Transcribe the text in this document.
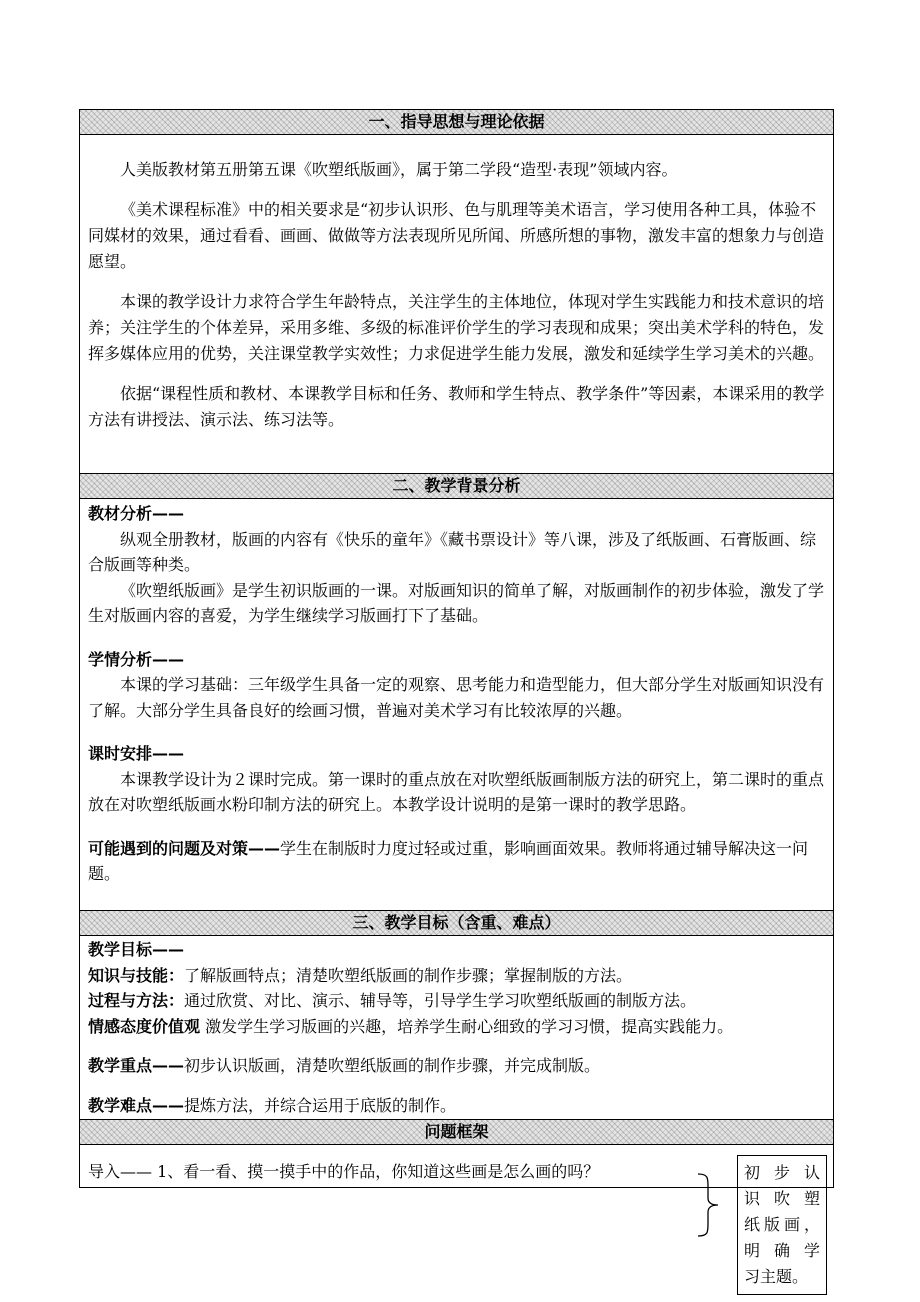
一、指导思想与理论依据

人美版教材第五册第五课《吹塑纸版画》，属于第二学段“造型·表现”领域内容。

《美术课程标准》中的相关要求是“初步认识形、色与肌理等美术语言，学习使用各种工具，体验不同媒材的效果，通过看看、画画、做做等方法表现所见所闻、所感所想的事物，激发丰富的想象力与创造愿望。

本课的教学设计力求符合学生年龄特点，关注学生的主体地位，体现对学生实践能力和技术意识的培养；关注学生的个体差异，采用多维、多级的标准评价学生的学习表现和成果；突出美术学科的特色，发挥多媒体应用的优势，关注课堂教学实效性；力求促进学生能力发展，激发和延续学生学习美术的兴趣。

依据“课程性质和教材、本课教学目标和任务、教师和学生特点、教学条件”等因素，本课采用的教学方法有讲授法、演示法、练习法等。

二、教学背景分析

教材分析——

纵观全册教材，版画的内容有《快乐的童年》《藏书票设计》等八课，涉及了纸版画、石膏版画、综合版画等种类。

《吹塑纸版画》是学生初识版画的一课。对版画知识的简单了解，对版画制作的初步体验，激发了学生对版画内容的喜爱，为学生继续学习版画打下了基础。

学情分析——

本课的学习基础：三年级学生具备一定的观察、思考能力和造型能力，但大部分学生对版画知识没有了解。大部分学生具备良好的绘画习惯，普遍对美术学习有比较浓厚的兴趣。

课时安排——

本课教学设计为２课时完成。第一课时的重点放在对吹塑纸版画制版方法的研究上，第二课时的重点放在对吹塑纸版画水粉印制方法的研究上。本教学设计说明的是第一课时的教学思路。

可能遇到的问题及对策——学生在制版时力度过轻或过重，影响画面效果。教师将通过辅导解决这一问题。

三、教学目标（含重、难点）

教学目标——

知识与技能：了解版画特点；清楚吹塑纸版画的制作步骤；掌握制版的方法。

过程与方法：通过欣赏、对比、演示、辅导等，引导学生学习吹塑纸版画的制版方法。

情感态度价值观 激发学生学习版画的兴趣，培养学生耐心细致的学习习惯，提高实践能力。

教学重点——初步认识版画，清楚吹塑纸版画的制作步骤，并完成制版。

教学难点——提炼方法，并综合运用于底版的制作。

问题框架

导入—— 1、看一看、摸一摸手中的作品，你知道这些画是怎么画的吗？	初步认
识吹塑
纸版画，
明确学
习主题。
